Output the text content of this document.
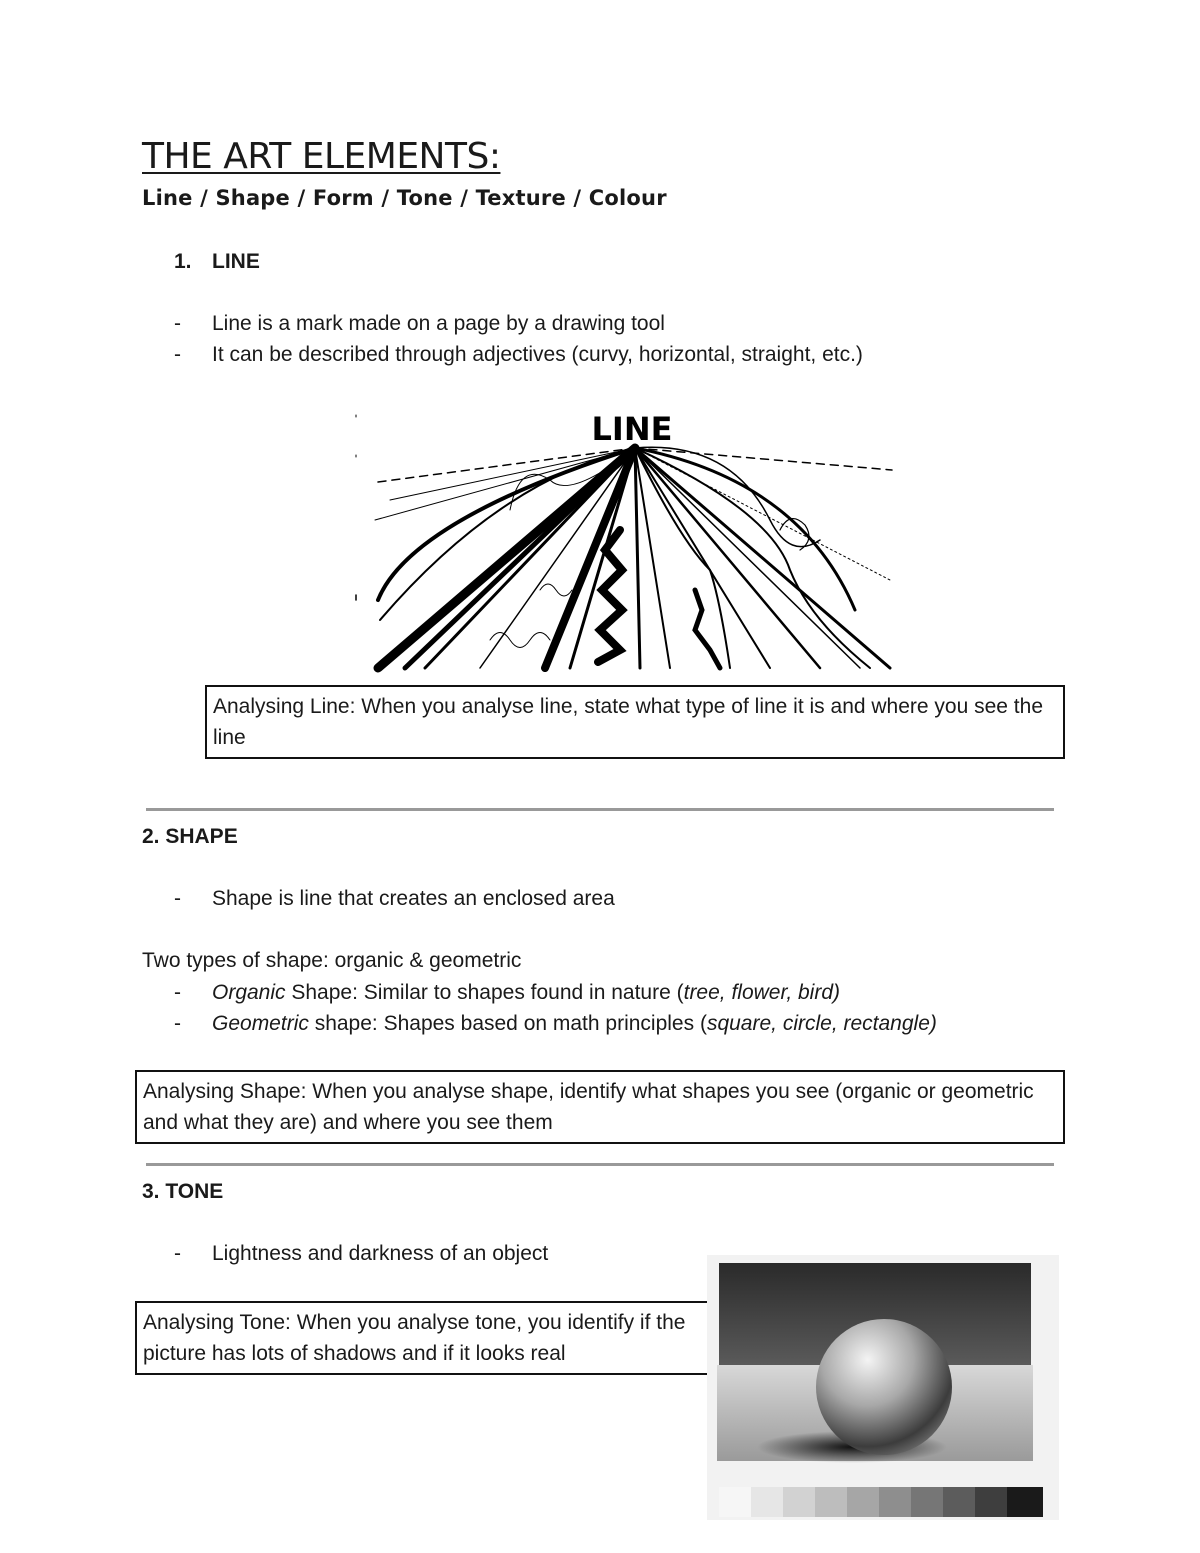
THE ART ELEMENTS:
Line / Shape / Form / Tone / Texture / Colour
1. LINE
- Line is a mark made on a page by a drawing tool
- It can be described through adjectives (curvy, horizontal, straight, etc.)
LINE
Analysing Line: When you analyse line, state what type of line it is and where you see the line
2. SHAPE
- Shape is line that creates an enclosed area
Two types of shape: organic & geometric
- Organic Shape: Similar to shapes found in nature (tree, flower, bird)
- Geometric shape: Shapes based on math principles (square, circle, rectangle)
Analysing Shape: When you analyse shape, identify what shapes you see (organic or geometric and what they are) and where you see them
3. TONE
- Lightness and darkness of an object
Analysing Tone: When you analyse tone, you identify if the picture has lots of shadows and if it looks real
